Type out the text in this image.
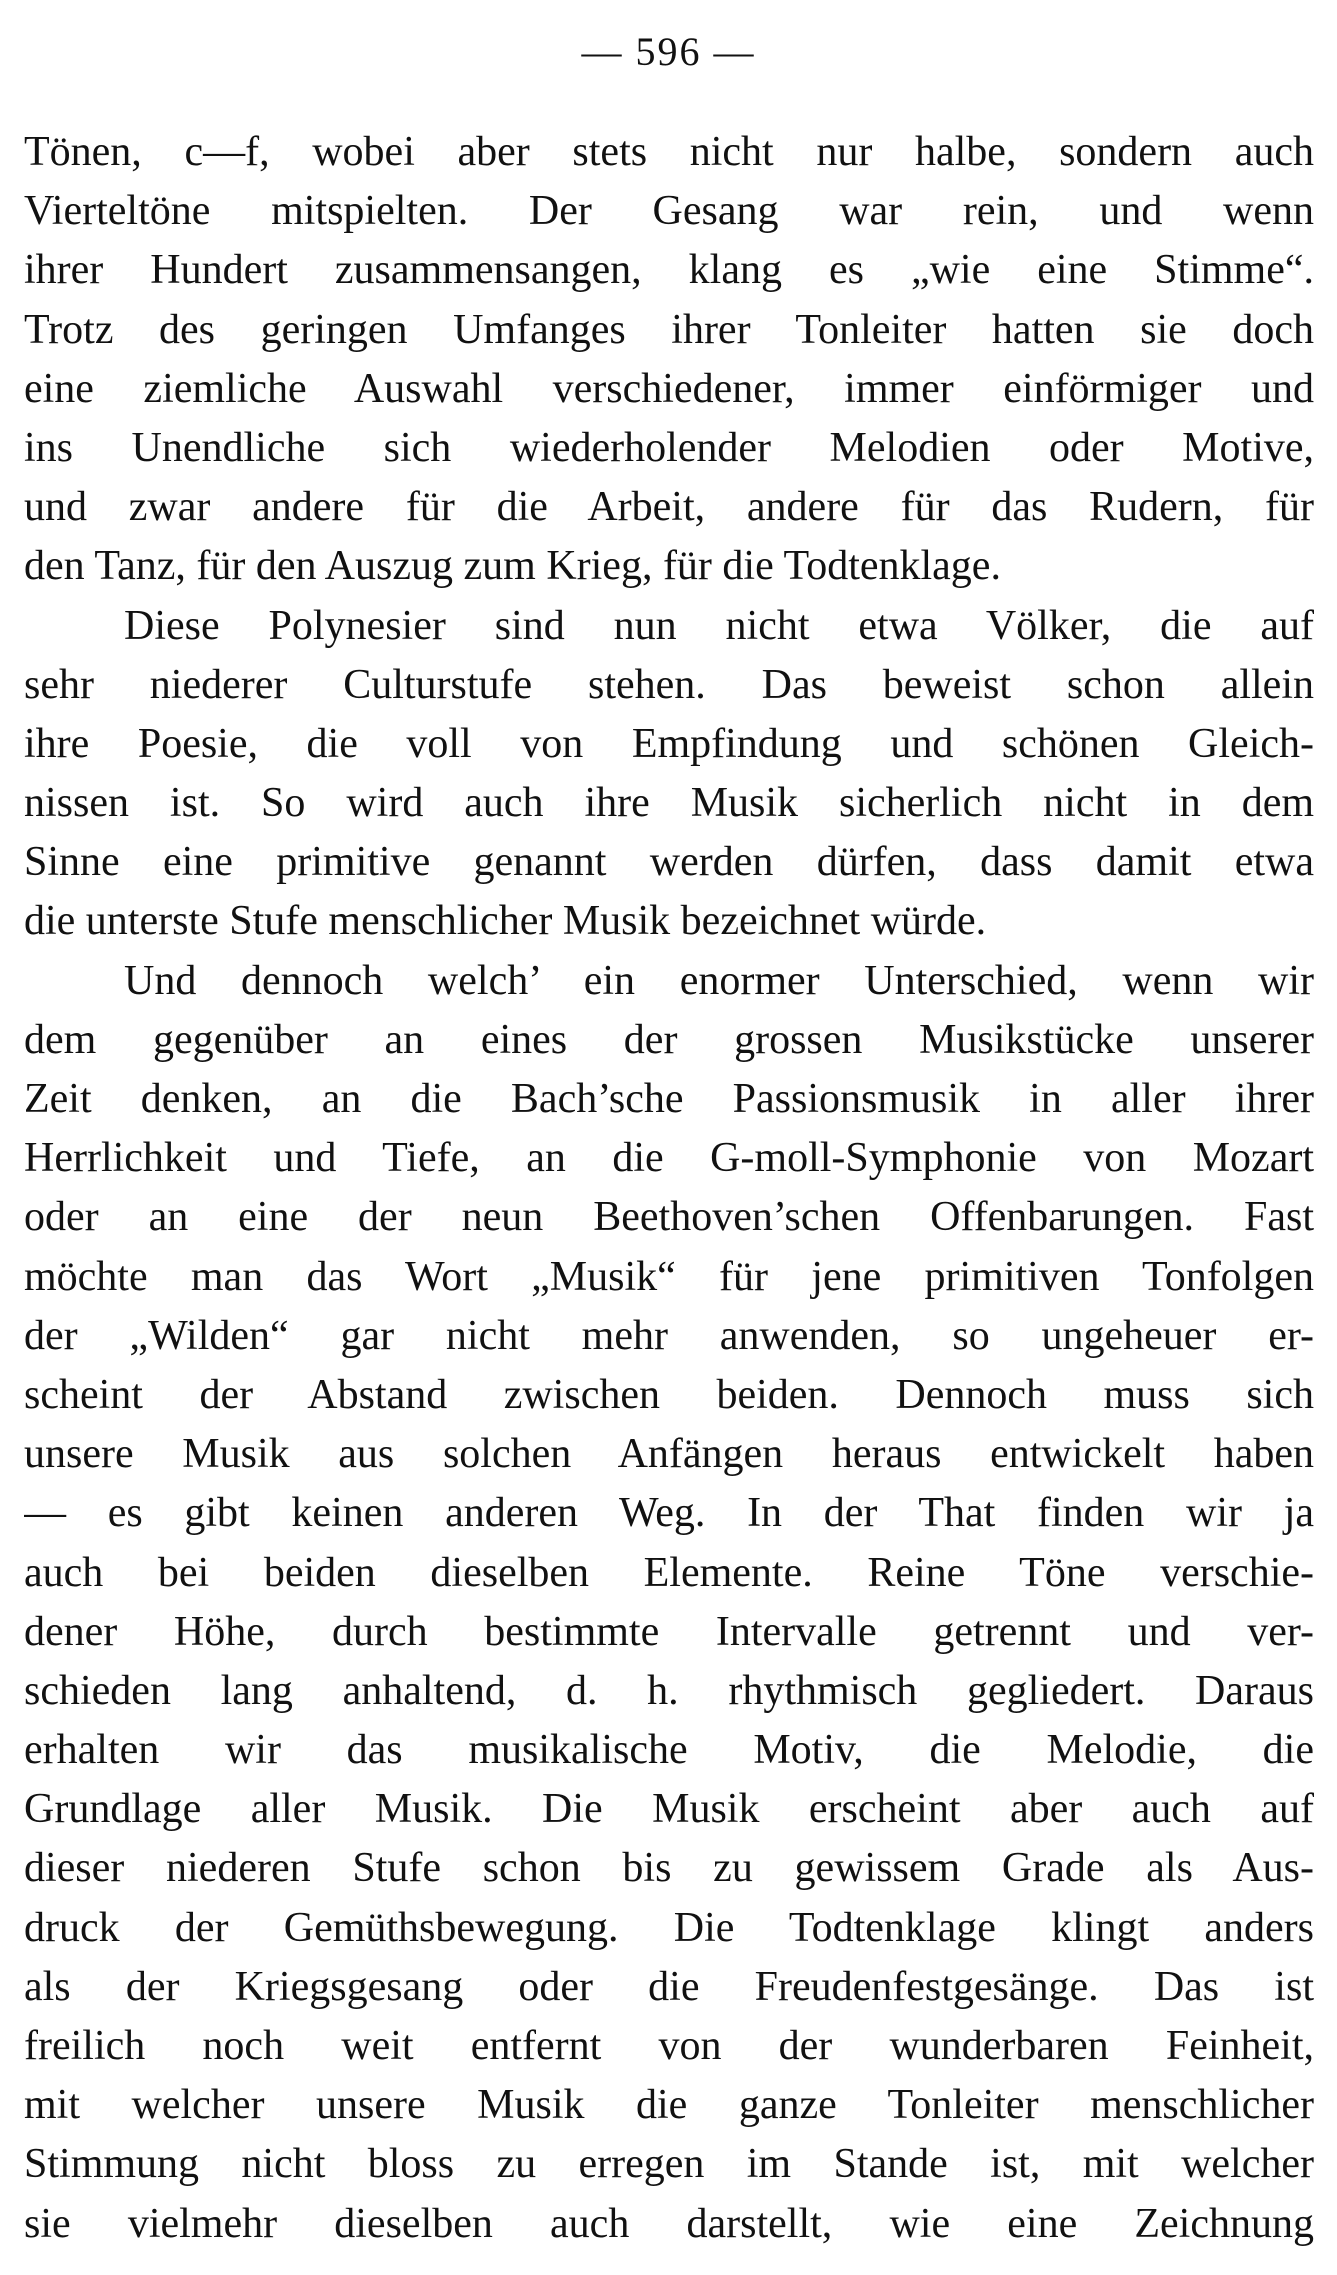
— 596 —
Tönen, c—f, wobei aber stets nicht nur halbe, sondern auch
Vierteltöne mitspielten. Der Gesang war rein, und wenn
ihrer Hundert zusammensangen, klang es „wie eine Stimme“.
Trotz des geringen Umfanges ihrer Tonleiter hatten sie doch
eine ziemliche Auswahl verschiedener, immer einförmiger und
ins Unendliche sich wiederholender Melodien oder Motive,
und zwar andere für die Arbeit, andere für das Rudern, für
den Tanz, für den Auszug zum Krieg, für die Todtenklage.
Diese Polynesier sind nun nicht etwa Völker, die auf
sehr niederer Culturstufe stehen. Das beweist schon allein
ihre Poesie, die voll von Empfindung und schönen Gleich-
nissen ist. So wird auch ihre Musik sicherlich nicht in dem
Sinne eine primitive genannt werden dürfen, dass damit etwa
die unterste Stufe menschlicher Musik bezeichnet würde.
Und dennoch welch’ ein enormer Unterschied, wenn wir
dem gegenüber an eines der grossen Musikstücke unserer
Zeit denken, an die Bach’sche Passionsmusik in aller ihrer
Herrlichkeit und Tiefe, an die G-moll-Symphonie von Mozart
oder an eine der neun Beethoven’schen Offenbarungen. Fast
möchte man das Wort „Musik“ für jene primitiven Tonfolgen
der „Wilden“ gar nicht mehr anwenden, so ungeheuer er-
scheint der Abstand zwischen beiden. Dennoch muss sich
unsere Musik aus solchen Anfängen heraus entwickelt haben
— es gibt keinen anderen Weg. In der That finden wir ja
auch bei beiden dieselben Elemente. Reine Töne verschie-
dener Höhe, durch bestimmte Intervalle getrennt und ver-
schieden lang anhaltend, d. h. rhythmisch gegliedert. Daraus
erhalten wir das musikalische Motiv, die Melodie, die
Grundlage aller Musik. Die Musik erscheint aber auch auf
dieser niederen Stufe schon bis zu gewissem Grade als Aus-
druck der Gemüthsbewegung. Die Todtenklage klingt anders
als der Kriegsgesang oder die Freudenfestgesänge. Das ist
freilich noch weit entfernt von der wunderbaren Feinheit,
mit welcher unsere Musik die ganze Tonleiter menschlicher
Stimmung nicht bloss zu erregen im Stande ist, mit welcher
sie vielmehr dieselben auch darstellt, wie eine Zeichnung
